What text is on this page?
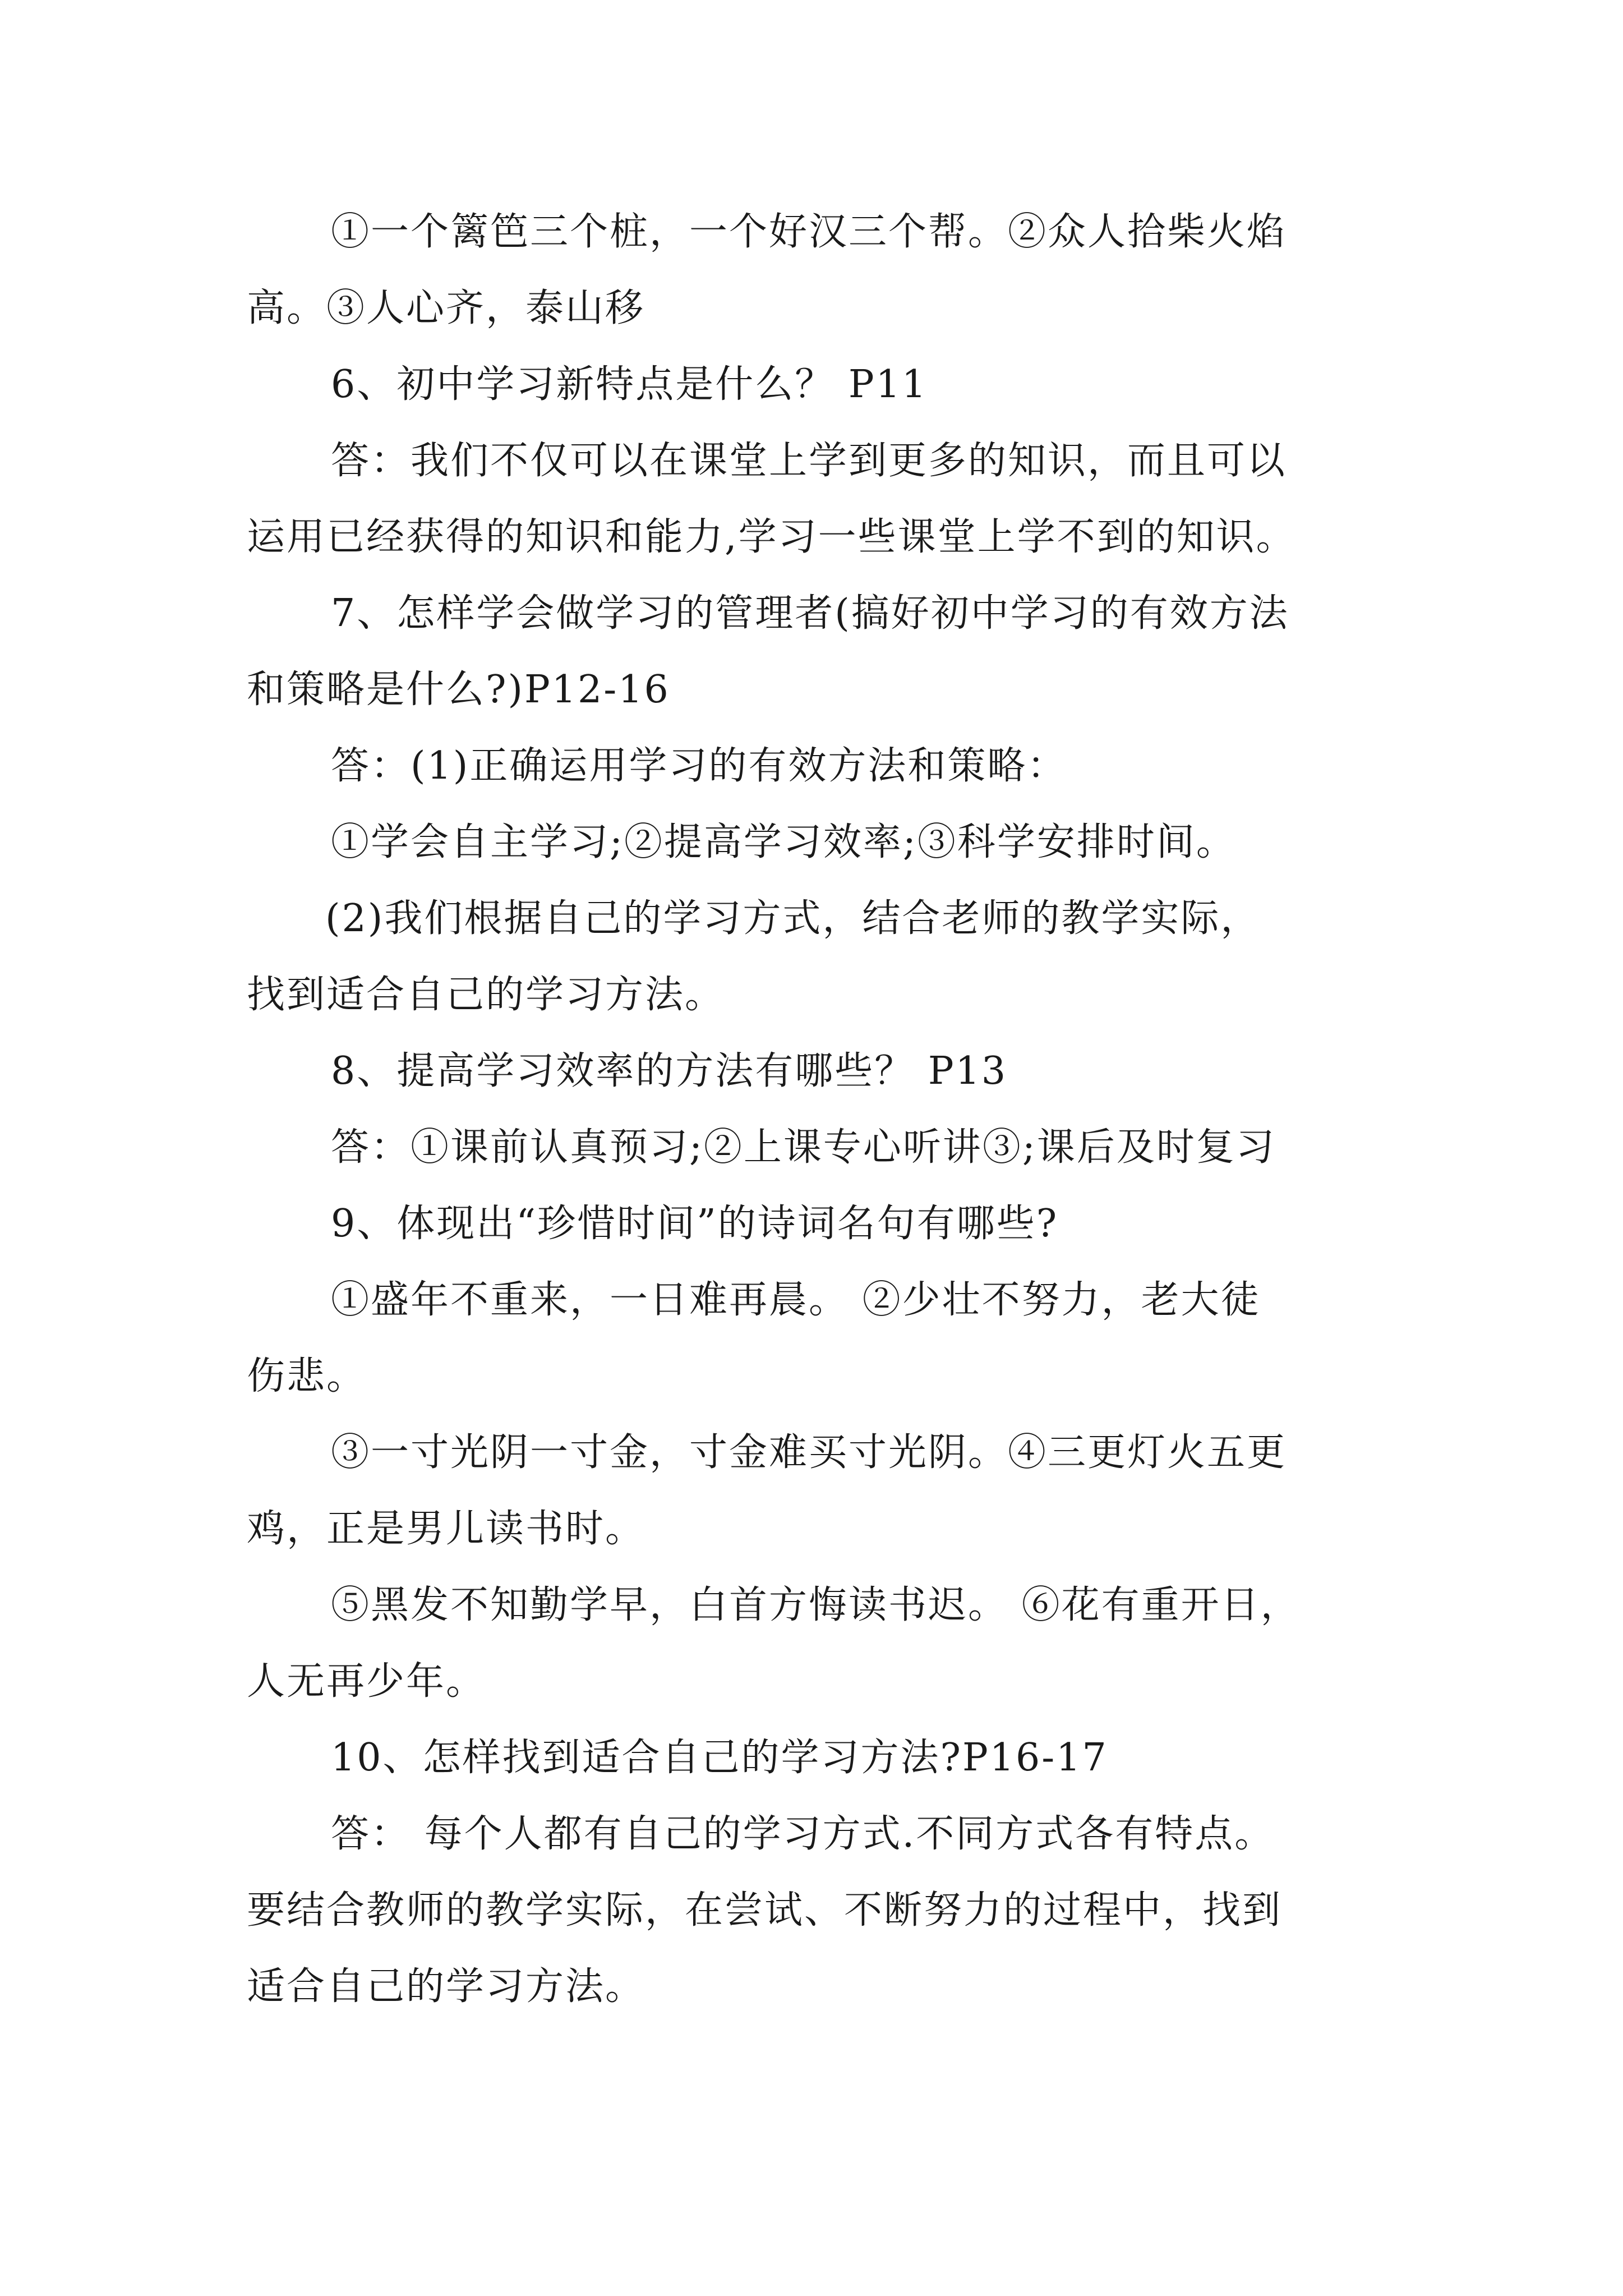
①一个篱笆三个桩，一个好汉三个帮。②众人拾柴火焰
高。③人心齐，泰山移
6、初中学习新特点是什么？ P11
答：我们不仅可以在课堂上学到更多的知识，而且可以
运用已经获得的知识和能力,学习一些课堂上学不到的知识。
7、怎样学会做学习的管理者(搞好初中学习的有效方法
和策略是什么?)P12-16
答：(1)正确运用学习的有效方法和策略：
①学会自主学习;②提高学习效率;③科学安排时间。
(2)我们根据自己的学习方式，结合老师的教学实际，
找到适合自己的学习方法。
8、提高学习效率的方法有哪些？ P13
答：①课前认真预习;②上课专心听讲③;课后及时复习
9、体现出“珍惜时间”的诗词名句有哪些?
①盛年不重来，一日难再晨。 ②少壮不努力，老大徒
伤悲。
③一寸光阴一寸金，寸金难买寸光阴。④三更灯火五更
鸡，正是男儿读书时。
⑤黑发不知勤学早，白首方悔读书迟。 ⑥花有重开日，
人无再少年。
10、怎样找到适合自己的学习方法?P16-17
答： 每个人都有自己的学习方式.不同方式各有特点。
要结合教师的教学实际，在尝试、不断努力的过程中，找到
适合自己的学习方法。
